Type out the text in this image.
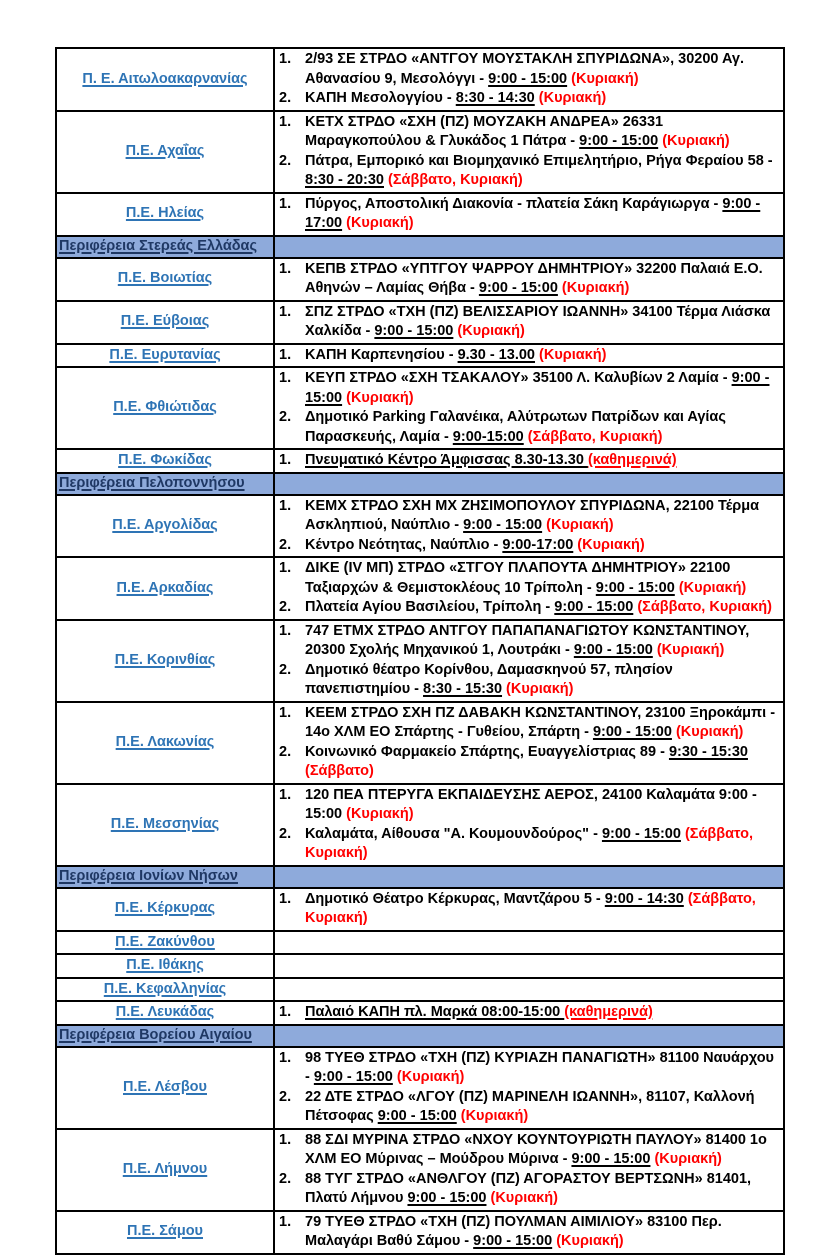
Π. Ε. Αιτωλοακαρνανίας	1. 2/93 ΣΕ ΣΤΡΔΟ «ΑΝΤΓΟΥ ΜΟΥΣΤΑΚΛΗ ΣΠΥΡΙΔΩΝΑ», 30200 Αγ. Αθανασίου 9, Μεσολόγγι - 9:00 - 15:00 (Κυριακή)
2. ΚΑΠΗ Μεσολογγίου - 8:30 - 14:30 (Κυριακή)

Π.Ε. Αχαΐας	1. ΚΕΤΧ ΣΤΡΔΟ «ΣΧΗ (ΠΖ) ΜΟΥΖΑΚΗ ΑΝΔΡΕΑ» 26331 Μαραγκοπούλου & Γλυκάδος 1 Πάτρα - 9:00 - 15:00 (Κυριακή)
2. Πάτρα, Εμπορικό και Βιομηχανικό Επιμελητήριο, Ρήγα Φεραίου 58 - 8:30 - 20:30 (Σάββατο, Κυριακή)

Π.Ε. Ηλείας	1. Πύργος, Αποστολική Διακονία - πλατεία Σάκη Καράγιωργα - 9:00 - 17:00 (Κυριακή)

Περιφέρεια Στερεάς Ελλάδας	
Π.Ε. Βοιωτίας	1. ΚΕΠΒ ΣΤΡΔΟ «ΥΠΤΓΟΥ ΨΑΡΡΟΥ ΔΗΜΗΤΡΙΟΥ» 32200 Παλαιά Ε.Ο. Αθηνών – Λαμίας Θήβα - 9:00 - 15:00 (Κυριακή)

Π.Ε. Εύβοιας	1. ΣΠΖ ΣΤΡΔΟ «ΤΧΗ (ΠΖ) ΒΕΛΙΣΣΑΡΙΟΥ ΙΩΑΝΝΗ» 34100 Τέρμα Λιάσκα Χαλκίδα - 9:00 - 15:00 (Κυριακή)

Π.Ε. Ευρυτανίας	1. ΚΑΠΗ Καρπενησίου - 9.30 - 13.00 (Κυριακή)

Π.Ε. Φθιώτιδας	1. ΚΕΥΠ ΣΤΡΔΟ «ΣΧΗ ΤΣΑΚΑΛΟΥ» 35100 Λ. Καλυβίων 2 Λαμία - 9:00 - 15:00 (Κυριακή)
2. Δημοτικό Parking Γαλανέικα, Αλύτρωτων Πατρίδων και Αγίας Παρασκευής, Λαμία - 9:00-15:00 (Σάββατο, Κυριακή)

Π.Ε. Φωκίδας	1. Πνευματικό Κέντρο Άμφισσας 8.30-13.30 (καθημερινά)

Περιφέρεια Πελοποννήσου	
Π.Ε. Αργολίδας	1. ΚΕΜΧ ΣΤΡΔΟ ΣΧΗ ΜΧ ΖΗΣΙΜΟΠΟΥΛΟΥ ΣΠΥΡΙΔΩΝΑ, 22100 Τέρμα Ασκληπιού, Ναύπλιο - 9:00 - 15:00 (Κυριακή)
2. Κέντρο Νεότητας, Ναύπλιο - 9:00-17:00 (Κυριακή)

Π.Ε. Αρκαδίας	1. ΔΙΚΕ (ΙV ΜΠ) ΣΤΡΔΟ «ΣΤΓΟΥ ΠΛΑΠΟΥΤΑ ΔΗΜΗΤΡΙΟΥ» 22100 Ταξιαρχών & Θεμιστοκλέους 10 Τρίπολη - 9:00 - 15:00 (Κυριακή)
2. Πλατεία Αγίου Βασιλείου, Τρίπολη - 9:00 - 15:00 (Σάββατο, Κυριακή)

Π.Ε. Κορινθίας	1. 747 ΕΤΜΧ ΣΤΡΔΟ ΑΝΤΓΟΥ ΠΑΠΑΠΑΝΑΓΙΩΤΟΥ ΚΩΝΣΤΑΝΤΙΝΟΥ, 20300 Σχολής Μηχανικού 1, Λουτράκι - 9:00 - 15:00 (Κυριακή)
2. Δημοτικό θέατρο Κορίνθου, Δαμασκηνού 57, πλησίον πανεπιστημίου - 8:30 - 15:30 (Κυριακή)

Π.Ε. Λακωνίας	1. ΚΕΕΜ ΣΤΡΔΟ ΣΧΗ ΠΖ ΔΑΒΑΚΗ ΚΩΝΣΤΑΝΤΙΝΟΥ, 23100 Ξηροκάμπι - 14ο ΧΛΜ ΕΟ Σπάρτης - Γυθείου, Σπάρτη - 9:00 - 15:00 (Κυριακή)
2. Κοινωνικό Φαρμακείο Σπάρτης, Ευαγγελίστριας 89 - 9:30 - 15:30 (Σάββατο)

Π.Ε. Μεσσηνίας	1. 120 ΠΕΑ ΠΤΕΡΥΓΑ ΕΚΠΑΙΔΕΥΣΗΣ ΑΕΡΟΣ, 24100 Καλαμάτα 9:00 - 15:00 (Κυριακή)
2. Καλαμάτα, Αίθουσα "Α. Κουμουνδούρος" - 9:00 - 15:00 (Σάββατο, Κυριακή)

Περιφέρεια Ιονίων Νήσων	
Π.Ε. Κέρκυρας	1. Δημοτικό Θέατρο Κέρκυρας, Μαντζάρου 5 - 9:00 - 14:30 (Σάββατο, Κυριακή)

Π.Ε. Ζακύνθου	
Π.Ε. Ιθάκης	
Π.Ε. Κεφαλληνίας	
Π.Ε. Λευκάδας	1. Παλαιό ΚΑΠΗ πλ. Μαρκά 08:00-15:00 (καθημερινά)

Περιφέρεια Βορείου Αιγαίου	
Π.Ε. Λέσβου	1. 98 ΤΥΕΘ ΣΤΡΔΟ «ΤΧΗ (ΠΖ) ΚΥΡΙΑΖΗ ΠΑΝΑΓΙΩΤΗ» 81100 Ναυάρχου - 9:00 - 15:00 (Κυριακή)
2. 22 ΔΤΕ ΣΤΡΔΟ «ΛΓΟΥ (ΠΖ) ΜΑΡΙΝΕΛΗ ΙΩΑΝΝΗ», 81107, Καλλονή Πέτσοφας 9:00 - 15:00 (Κυριακή)

Π.Ε. Λήμνου	1. 88 ΣΔΙ ΜΥΡΙΝΑ ΣΤΡΔΟ «ΝΧΟΥ ΚΟΥΝΤΟΥΡΙΩΤΗ ΠΑΥΛΟΥ» 81400 1ο ΧΛΜ ΕΟ Μύρινας – Μούδρου Μύρινα - 9:00 - 15:00 (Κυριακή)
2. 88 ΤΥΓ ΣΤΡΔΟ «ΑΝΘΛΓΟΥ (ΠΖ) ΑΓΟΡΑΣΤΟΥ ΒΕΡΤΣΩΝΗ» 81401, Πλατύ Λήμνου 9:00 - 15:00 (Κυριακή)

Π.Ε. Σάμου	1. 79 ΤΥΕΘ ΣΤΡΔΟ «ΤΧΗ (ΠΖ) ΠΟΥΛΜΑΝ ΑΙΜΙΛΙΟΥ» 83100 Περ. Μαλαγάρι Βαθύ Σάμου - 9:00 - 15:00 (Κυριακή)
